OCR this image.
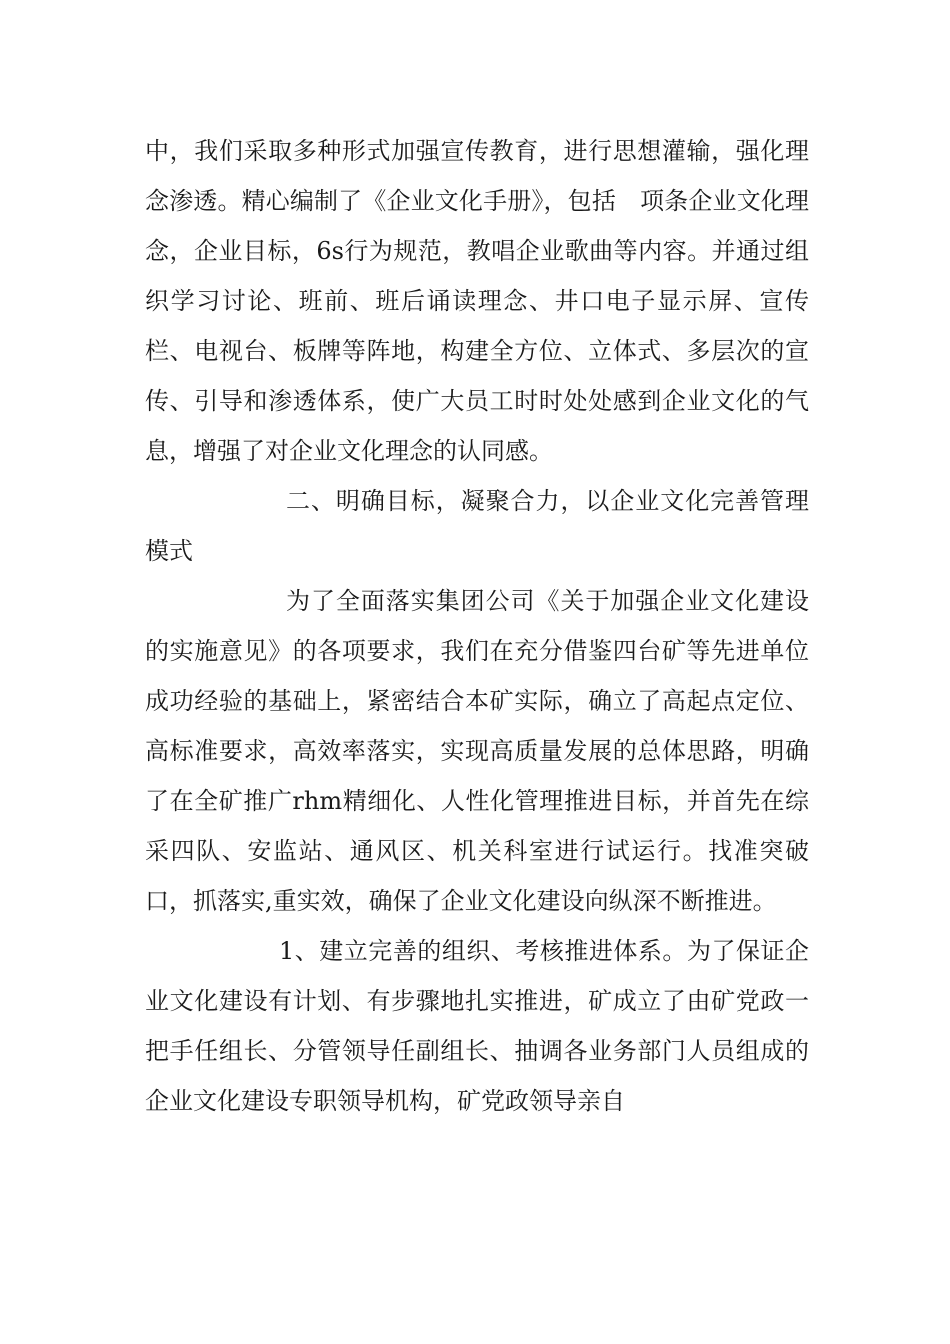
中，我们采取多种形式加强宣传教育，进行思想灌输，强化理念渗透。精心编制了《企业文化手册》，包括　项条企业文化理念，企业目标，6s行为规范，教唱企业歌曲等内容。并通过组织学习讨论、班前、班后诵读理念、井口电子显示屏、宣传栏、电视台、板牌等阵地，构建全方位、立体式、多层次的宣传、引导和渗透体系，使广大员工时时处处感到企业文化的气息，增强了对企业文化理念的认同感。

二、明确目标，凝聚合力，以企业文化完善管理模式

为了全面落实集团公司《关于加强企业文化建设的实施意见》的各项要求，我们在充分借鉴四台矿等先进单位成功经验的基础上，紧密结合本矿实际，确立了高起点定位、高标准要求，高效率落实，实现高质量发展的总体思路，明确了在全矿推广rhm精细化、人性化管理推进目标，并首先在综采四队、安监站、通风区、机关科室进行试运行。找准突破口，抓落实,重实效，确保了企业文化建设向纵深不断推进。

1、建立完善的组织、考核推进体系。为了保证企业文化建设有计划、有步骤地扎实推进，矿成立了由矿党政一把手任组长、分管领导任副组长、抽调各业务部门人员组成的企业文化建设专职领导机构，矿党政领导亲自
